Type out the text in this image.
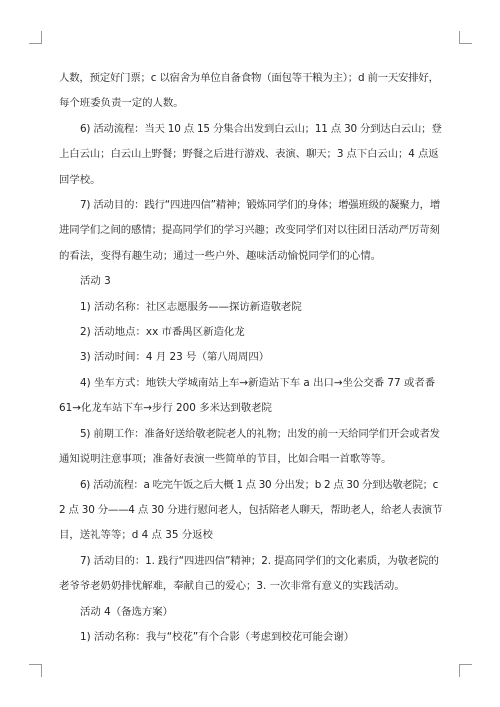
人数，预定好门票；c 以宿舍为单位自备食物（面包等干粮为主）；d 前一天安排好，

每个班委负责一定的人数。

6) 活动流程：当天 10 点 15 分集合出发到白云山；11 点 30 分到达白云山；登

上白云山；白云山上野餐；野餐之后进行游戏、表演、聊天；3 点下白云山；4 点返

回学校。

7) 活动目的：践行“四进四信”精神；锻炼同学们的身体；增强班级的凝聚力，增

进同学们之间的感情；提高同学们的学习兴趣；改变同学们对以往团日活动严厉苛刻

的看法，变得有趣生动；通过一些户外、趣味活动愉悦同学们的心情。

活动 3

1) 活动名称：社区志愿服务——探访新造敬老院

2) 活动地点：xx 市番禺区新造化龙

3) 活动时间：4 月 23 号（第八周周四）

4) 坐车方式：地铁大学城南站上车→新造站下车 a 出口→坐公交番 77 或者番

61→化龙车站下车→步行 200 多米达到敬老院

5) 前期工作：准备好送给敬老院老人的礼物；出发的前一天给同学们开会或者发

通知说明注意事项；准备好表演一些简单的节目，比如合唱一首歌等等。

6) 活动流程：a 吃完午饭之后大概 1 点 30 分出发；b 2 点 30 分到达敬老院；c

2 点 30 分——4 点 30 分进行慰问老人，包括陪老人聊天，帮助老人，给老人表演节

目，送礼等等；d 4 点 35 分返校

7) 活动目的：1. 践行“四进四信”精神；2. 提高同学们的文化素质，为敬老院的

老爷爷老奶奶排忧解难，奉献自己的爱心；3. 一次非常有意义的实践活动。

活动 4（备选方案）

1) 活动名称：我与“校花”有个合影（考虑到校花可能会谢）
